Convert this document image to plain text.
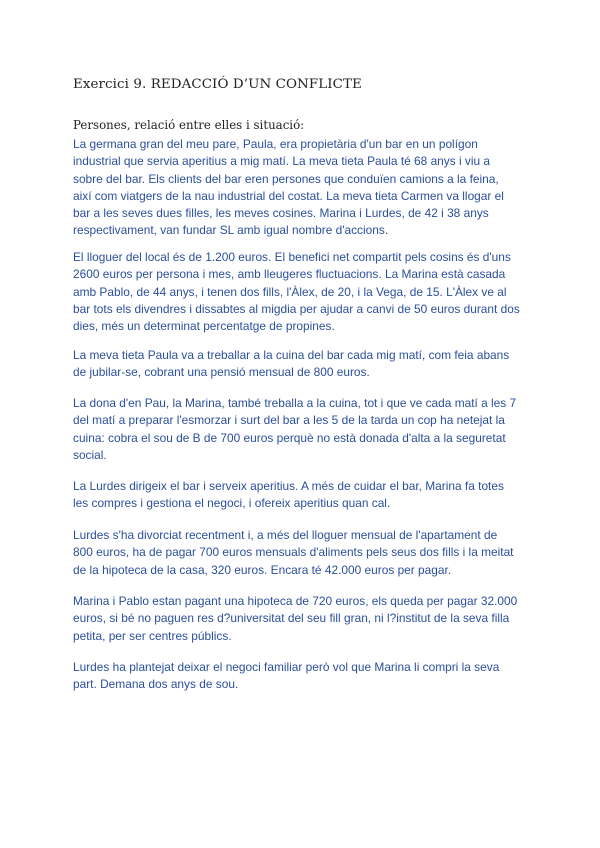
Exercici 9. REDACCIÓ D’UN CONFLICTE
Persones, relació entre elles i situació:

La germana gran del meu pare, Paula, era propietària d'un bar en un polígon
industrial que servia aperitius a mig matí. La meva tieta Paula té 68 anys i viu a
sobre del bar. Els clients del bar eren persones que conduïen camions a la feina,
així com viatgers de la nau industrial del costat. La meva tieta Carmen va llogar el
bar a les seves dues filles, les meves cosines. Marina i Lurdes, de 42 i 38 anys
respectivament, van fundar SL amb igual nombre d'accions.

El lloguer del local és de 1.200 euros. El benefici net compartit pels cosins és d'uns
2600 euros per persona i mes, amb lleugeres fluctuacions. La Marina està casada
amb Pablo, de 44 anys, i tenen dos fills, l'Àlex, de 20, i la Vega, de 15. L'Àlex ve al
bar tots els divendres i dissabtes al migdia per ajudar a canvi de 50 euros durant dos
dies, més un determinat percentatge de propines.

La meva tieta Paula va a treballar a la cuina del bar cada mig matí, com feia abans
de jubilar-se, cobrant una pensió mensual de 800 euros.

La dona d'en Pau, la Marina, també treballa a la cuina, tot i que ve cada matí a les 7
del matí a preparar l'esmorzar i surt del bar a les 5 de la tarda un cop ha netejat la
cuina: cobra el sou de B de 700 euros perquè no està donada d'alta a la seguretat
social.

La Lurdes dirigeix el bar i serveix aperitius. A més de cuidar el bar, Marina fa totes
les compres i gestiona el negoci, i ofereix aperitius quan cal.

Lurdes s'ha divorciat recentment i, a més del lloguer mensual de l'apartament de
800 euros, ha de pagar 700 euros mensuals d'aliments pels seus dos fills i la meitat
de la hipoteca de la casa, 320 euros. Encara té 42.000 euros per pagar.

Marina i Pablo estan pagant una hipoteca de 720 euros, els queda per pagar 32.000
euros, si bé no paguen res d?universitat del seu fill gran, ni l?institut de la seva filla
petita, per ser centres públics.

Lurdes ha plantejat deixar el negoci familiar però vol que Marina li compri la seva
part. Demana dos anys de sou.
